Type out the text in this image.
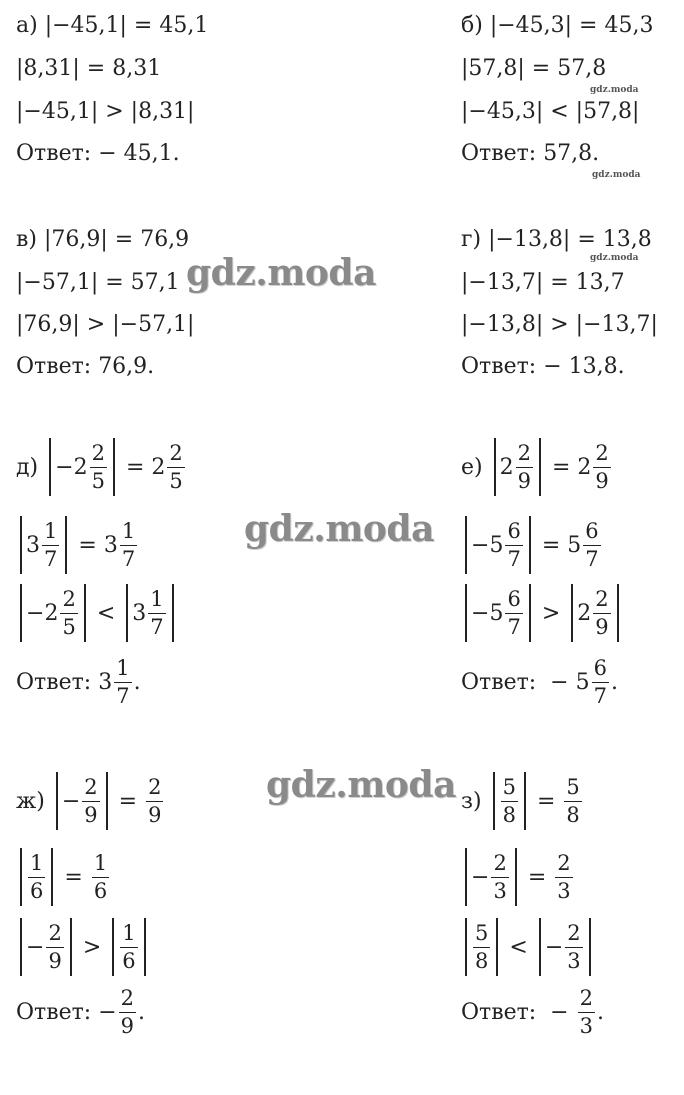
gdz.moda
gdz.moda
gdz.moda
gdz.moda
gdz.moda
gdz.moda
а) |−45,1| = 45,1
|8,31| = 8,31
|−45,1| > |8,31|
Ответ: − 45,1.
б) |−45,3| = 45,3
|57,8| = 57,8
|−45,3| < |57,8|
Ответ: 57,8.
в) |76,9| = 76,9
|−57,1| = 57,1
|76,9| > |−57,1|
Ответ: 76,9.
г) |−13,8| = 13,8
|−13,7| = 13,7
|−13,8| > |−13,7|
Ответ: − 13,8.
д)
− $2 \frac{2}{5}$
=
$2 \frac{2}{5}$
$3 \frac{1}{7}$
=
$3 \frac{1}{7}$
− $2 \frac{2}{5}$
<
$3 \frac{1}{7}$
Ответ: $3 \frac{1}{7}$ .
е)
$2 \frac{2}{9}$
=
$2 \frac{2}{9}$
− $5 \frac{6}{7}$
=
$5 \frac{6}{7}$
− $5 \frac{6}{7}$
>
$2 \frac{2}{9}$
Ответ:  − $5 \frac{6}{7}$ .
ж)
− $\frac{2}{9}$
=
$\frac{2}{9}$
$\frac{1}{6}$
=
$\frac{1}{6}$
− $\frac{2}{9}$
>
$\frac{1}{6}$
Ответ: − $\frac{2}{9}$ .
з)
$\frac{5}{8}$
=
$\frac{5}{8}$
− $\frac{2}{3}$
=
$\frac{2}{3}$
$\frac{5}{8}$
<
− $\frac{2}{3}$
Ответ:  − $\frac{2}{3}$ .
